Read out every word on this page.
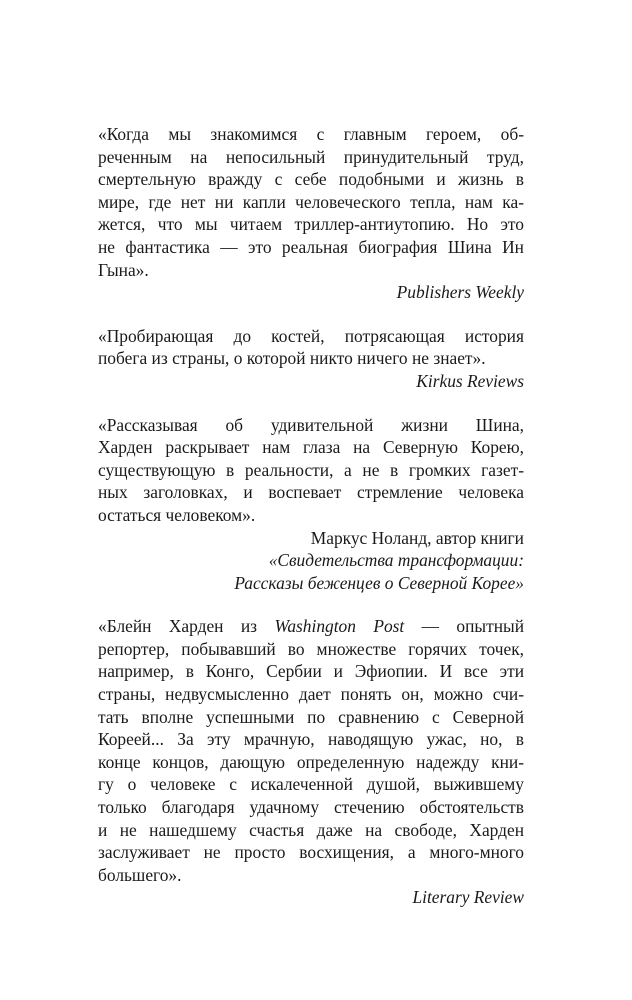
«Когда мы знакомимся с главным героем, об-
реченным на непосильный принудительный труд,
смертельную вражду с себе подобными и жизнь в
мире, где нет ни капли человеческого тепла, нам ка-
жется, что мы читаем триллер-антиутопию. Но это
не фантастика — это реальная биография Шина Ин
Гына».

Publishers Weekly

«Пробирающая до костей, потрясающая история
побега из страны, о которой никто ничего не знает».

Kirkus Reviews

«Рассказывая об удивительной жизни Шина,
Харден раскрывает нам глаза на Северную Корею,
существующую в реальности, а не в громких газет-
ных заголовках, и воспевает стремление человека
остаться человеком».

Маркус Ноланд, автор книги

«Свидетельства трансформации:

Рассказы беженцев о Северной Корее»

«Блейн Харден из Washington Post — опытный
репортер, побывавший во множестве горячих точек,
например, в Конго, Сербии и Эфиопии. И все эти
страны, недвусмысленно дает понять он, можно счи-
тать вполне успешными по сравнению с Северной
Кореей... За эту мрачную, наводящую ужас, но, в
конце концов, дающую определенную надежду кни-
гу о человеке с искалеченной душой, выжившему
только благодаря удачному стечению обстоятельств
и не нашедшему счастья даже на свободе, Харден
заслуживает не просто восхищения, а много-много
большего».

Literary Review
